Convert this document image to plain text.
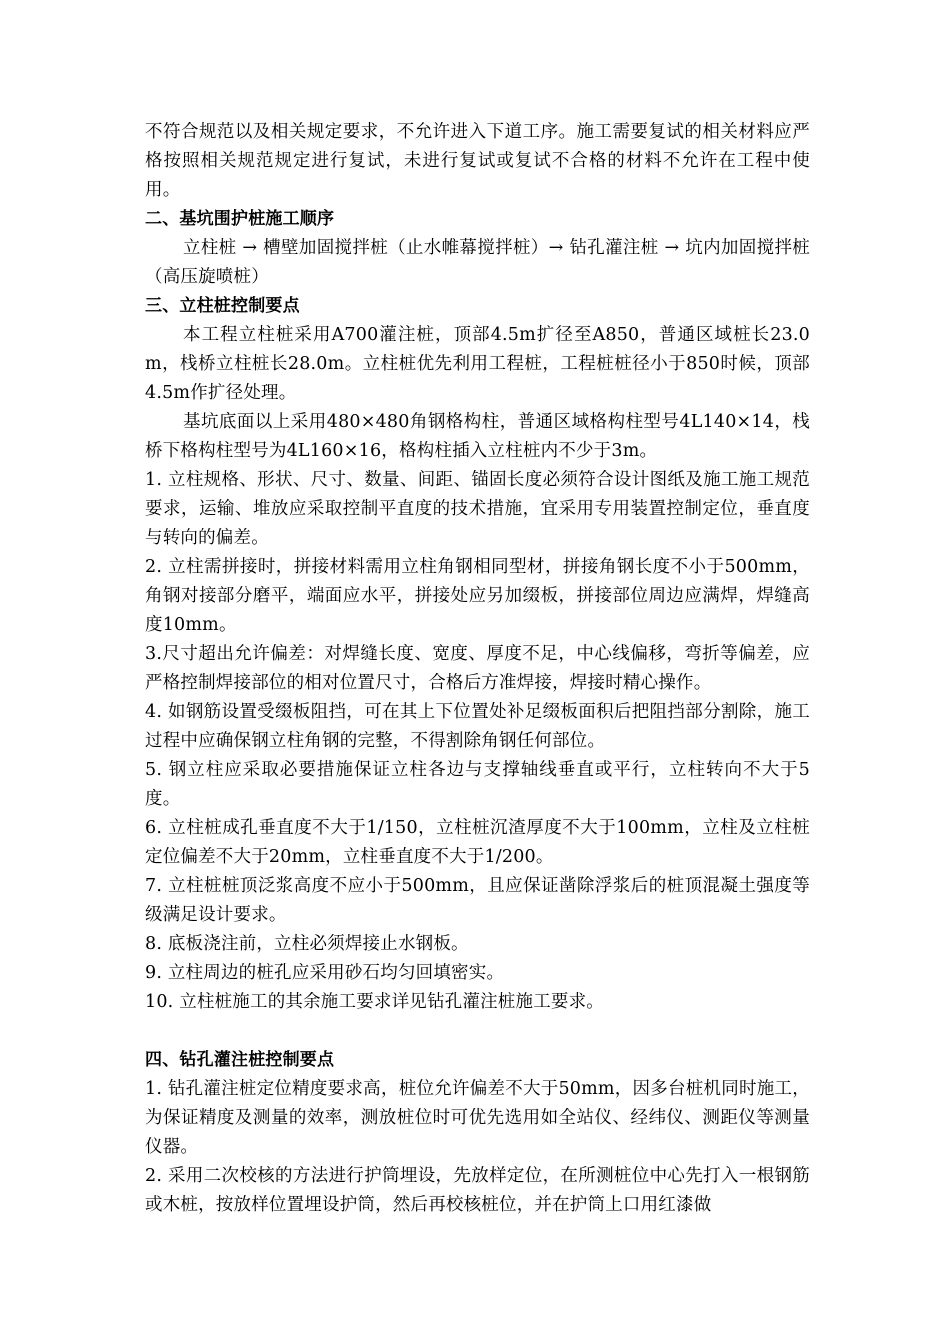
不符合规范以及相关规定要求，不允许进入下道工序。施工需要复试的相关材料应严格按照相关规范规定进行复试，未进行复试或复试不合格的材料不允许在工程中使用。

二、基坑围护桩施工顺序

立柱桩 → 槽壁加固搅拌桩（止水帷幕搅拌桩）→ 钻孔灌注桩 → 坑内加固搅拌桩（高压旋喷桩）

三、立柱桩控制要点

本工程立柱桩采用A700灌注桩，顶部4.5m扩径至A850，普通区域桩长23.0m，栈桥立柱桩长28.0m。立柱桩优先利用工程桩，工程桩桩径小于850时候，顶部4.5m作扩径处理。

基坑底面以上采用480×480角钢格构柱，普通区域格构柱型号4L140×14，栈桥下格构柱型号为4L160×16，格构柱插入立柱桩内不少于3m。

1. 立柱规格、形状、尺寸、数量、间距、锚固长度必须符合设计图纸及施工施工规范要求，运输、堆放应采取控制平直度的技术措施，宜采用专用装置控制定位，垂直度与转向的偏差。

2. 立柱需拼接时，拼接材料需用立柱角钢相同型材，拼接角钢长度不小于500mm，角钢对接部分磨平，端面应水平，拼接处应另加缀板，拼接部位周边应满焊，焊缝高度10mm。

3.尺寸超出允许偏差：对焊缝长度、宽度、厚度不足，中心线偏移，弯折等偏差，应严格控制焊接部位的相对位置尺寸，合格后方准焊接，焊接时精心操作。

4. 如钢筋设置受缀板阻挡，可在其上下位置处补足缀板面积后把阻挡部分割除，施工过程中应确保钢立柱角钢的完整，不得割除角钢任何部位。

5. 钢立柱应采取必要措施保证立柱各边与支撑轴线垂直或平行，立柱转向不大于5度。

6. 立柱桩成孔垂直度不大于1/150，立柱桩沉渣厚度不大于100mm，立柱及立柱桩定位偏差不大于20mm，立柱垂直度不大于1/200。

7. 立柱桩桩顶泛浆高度不应小于500mm，且应保证凿除浮浆后的桩顶混凝土强度等级满足设计要求。

8. 底板浇注前，立柱必须焊接止水钢板。

9. 立柱周边的桩孔应采用砂石均匀回填密实。

10. 立柱桩施工的其余施工要求详见钻孔灌注桩施工要求。

四、钻孔灌注桩控制要点

1. 钻孔灌注桩定位精度要求高，桩位允许偏差不大于50mm，因多台桩机同时施工，为保证精度及测量的效率，测放桩位时可优先选用如全站仪、经纬仪、测距仪等测量仪器。

2. 采用二次校核的方法进行护筒埋设，先放样定位，在所测桩位中心先打入一根钢筋或木桩，按放样位置埋设护筒，然后再校核桩位，并在护筒上口用红漆做
